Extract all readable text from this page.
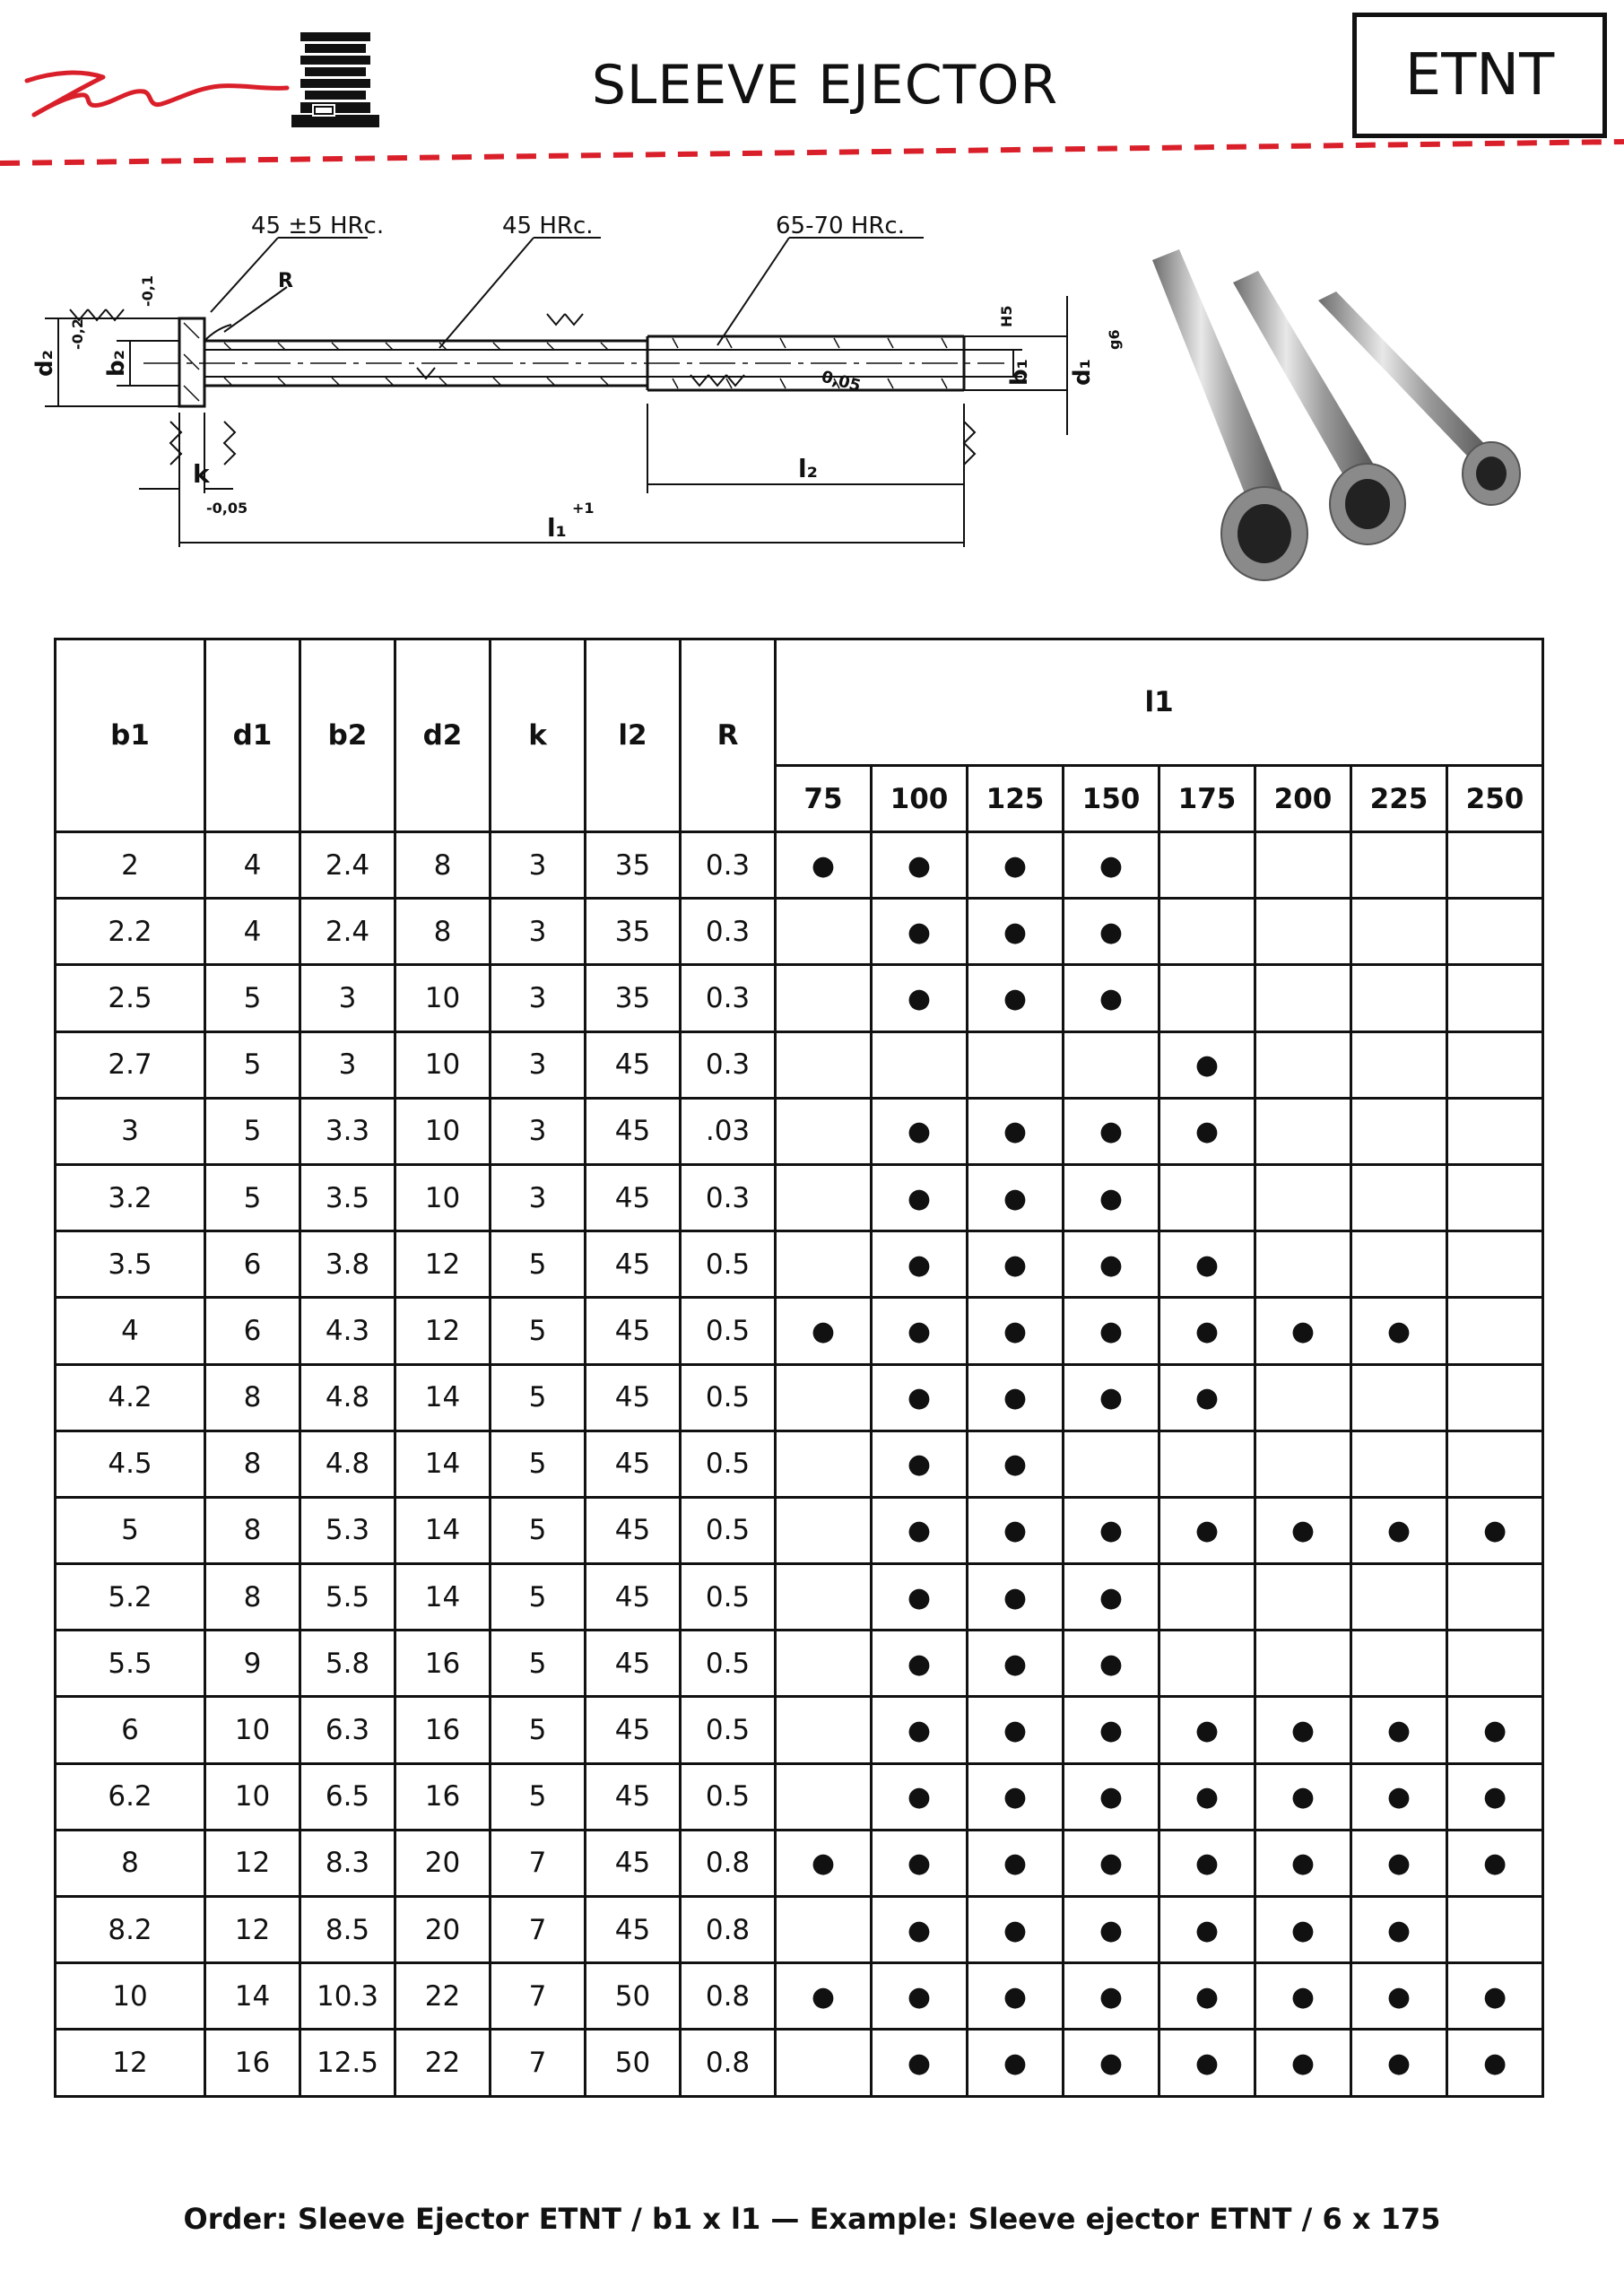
SLEEVE EJECTOR	ETNT
45 ±5 HRc.	45 HRc.	65-70 HRc.
R
d₂ b₂
-0,2
-0,1
b₁ d₁
H5
g6
0,05
k
-0,05
l₂
l₁
+1
b1	d1	b2	d2	k	l2	R	l1							
							75	100	125	150	175	200	225	250
2	4	2.4	8	3	35	0.3	●	●	●	●				
2.2	4	2.4	8	3	35	0.3		●	●	●				
2.5	5	3	10	3	35	0.3		●	●	●				
2.7	5	3	10	3	45	0.3					●			
3	5	3.3	10	3	45	.03		●	●	●	●			
3.2	5	3.5	10	3	45	0.3		●	●	●				
3.5	6	3.8	12	5	45	0.5		●	●	●	●			
4	6	4.3	12	5	45	0.5	●	●	●	●	●	●	●	
4.2	8	4.8	14	5	45	0.5		●	●	●	●			
4.5	8	4.8	14	5	45	0.5		●	●					
5	8	5.3	14	5	45	0.5		●	●	●	●	●	●	●
5.2	8	5.5	14	5	45	0.5		●	●	●				
5.5	9	5.8	16	5	45	0.5		●	●	●				
6	10	6.3	16	5	45	0.5		●	●	●	●	●	●	●
6.2	10	6.5	16	5	45	0.5		●	●	●	●	●	●	●
8	12	8.3	20	7	45	0.8	●	●	●	●	●	●	●	●
8.2	12	8.5	20	7	45	0.8		●	●	●	●	●	●	
10	14	10.3	22	7	50	0.8	●	●	●	●	●	●	●	●
12	16	12.5	22	7	50	0.8		●	●	●	●	●	●	●
Order: Sleeve Ejector ETNT / b1 x l1 — Example: Sleeve ejector ETNT / 6 x 175
